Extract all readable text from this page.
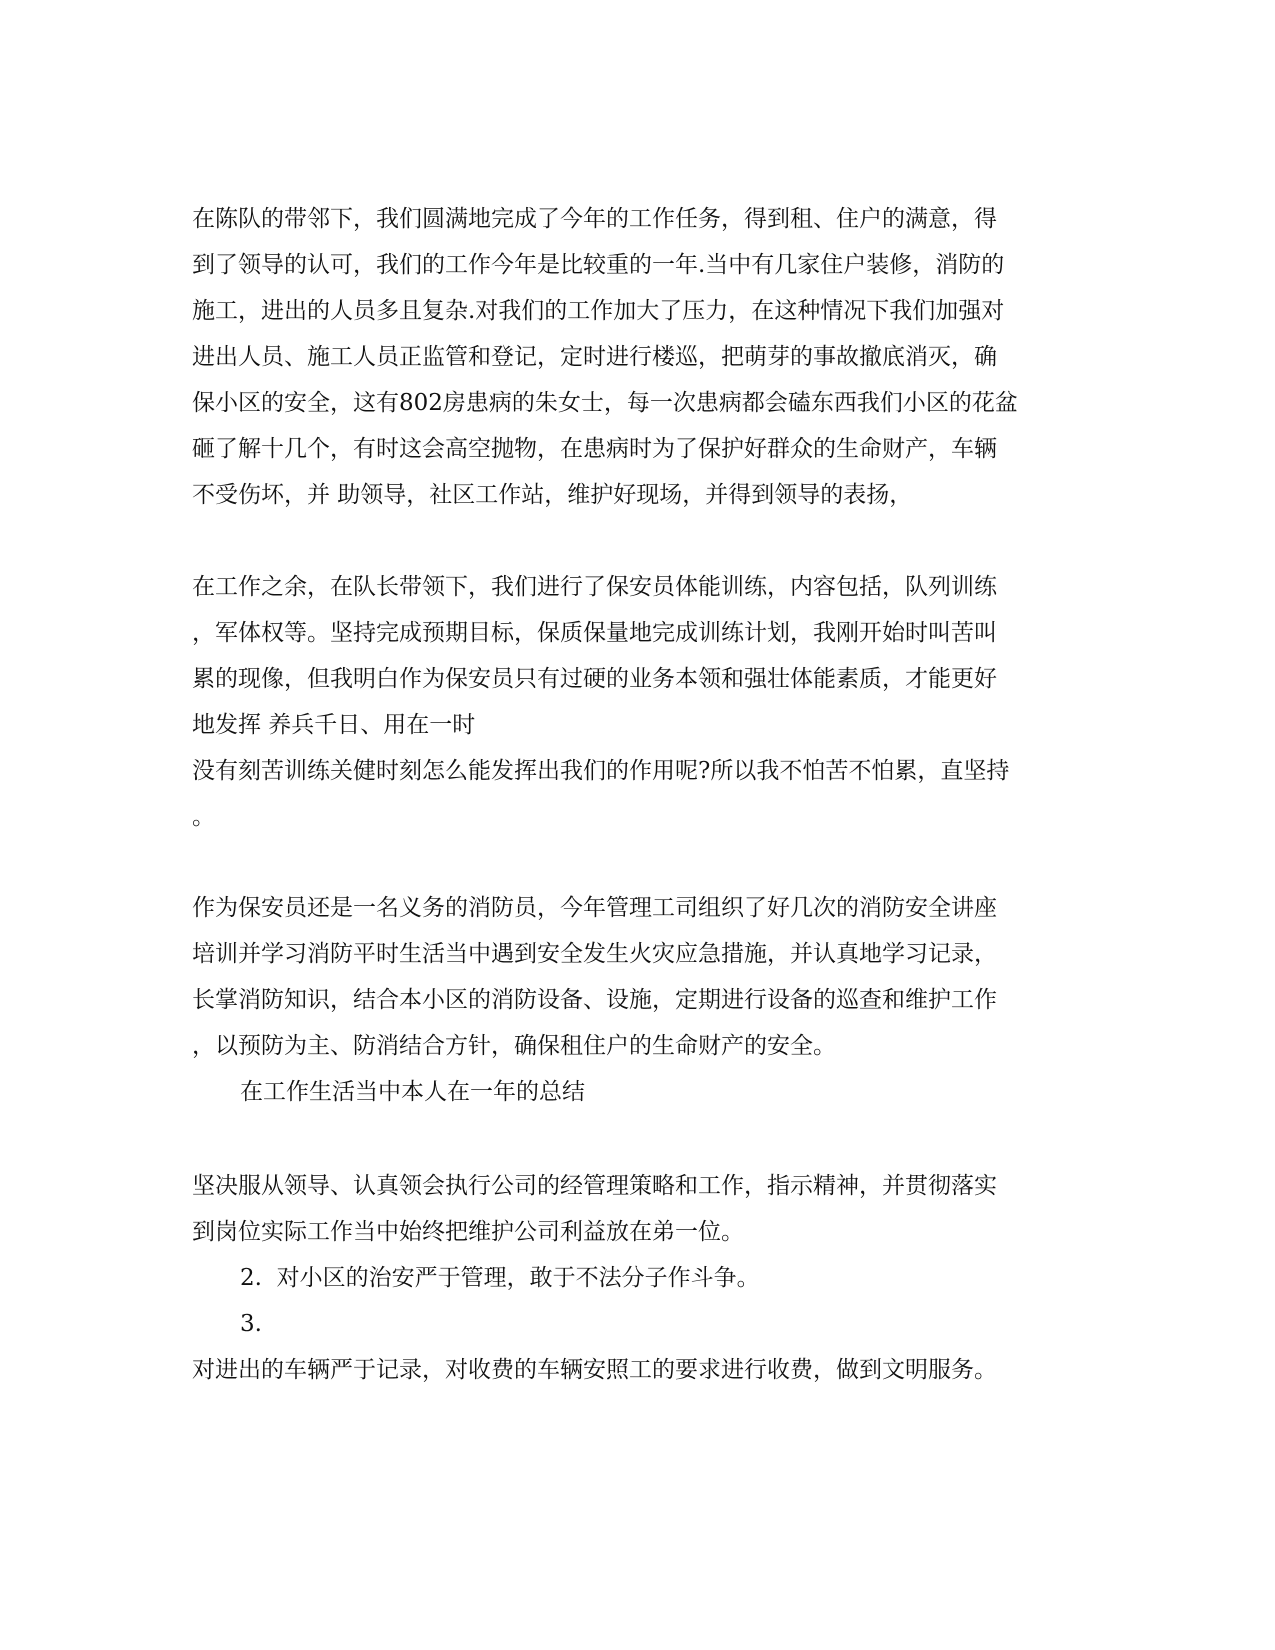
在陈队的带邻下，我们圆满地完成了今年的工作任务，得到租、住户的满意，得

到了领导的认可，我们的工作今年是比较重的一年.当中有几家住户装修，消防的

施工，进出的人员多且复杂.对我们的工作加大了压力，在这种情况下我们加强对

进出人员、施工人员正监管和登记，定时进行楼巡，把萌芽的事故撤底消灭，确

保小区的安全，这有802房患病的朱女士，每一次患病都会磕东西我们小区的花盆

砸了解十几个，有时这会高空抛物，在患病时为了保护好群众的生命财产，车辆

不受伤坏，并 助领导，社区工作站，维护好现场，并得到领导的表扬，

在工作之余，在队长带领下，我们进行了保安员体能训练，内容包括，队列训练

，军体权等。坚持完成预期目标，保质保量地完成训练计划，我刚开始时叫苦叫

累的现像，但我明白作为保安员只有过硬的业务本领和强壮体能素质，才能更好

地发挥 养兵千日、用在一时

没有刻苦训练关健时刻怎么能发挥出我们的作用呢?所以我不怕苦不怕累，直坚持

。

作为保安员还是一名义务的消防员，今年管理工司组织了好几次的消防安全讲座

培训并学习消防平时生活当中遇到安全发生火灾应急措施，并认真地学习记录，

长掌消防知识，结合本小区的消防设备、设施，定期进行设备的巡查和维护工作

，以预防为主、防消结合方针，确保租住户的生命财产的安全。

在工作生活当中本人在一年的总结

坚决服从领导、认真领会执行公司的经管理策略和工作，指示精神，并贯彻落实

到岗位实际工作当中始终把维护公司利益放在弟一位。

2.  对小区的治安严于管理，敢于不法分子作斗争。

3.

对进出的车辆严于记录，对收费的车辆安照工的要求进行收费，做到文明服务。
